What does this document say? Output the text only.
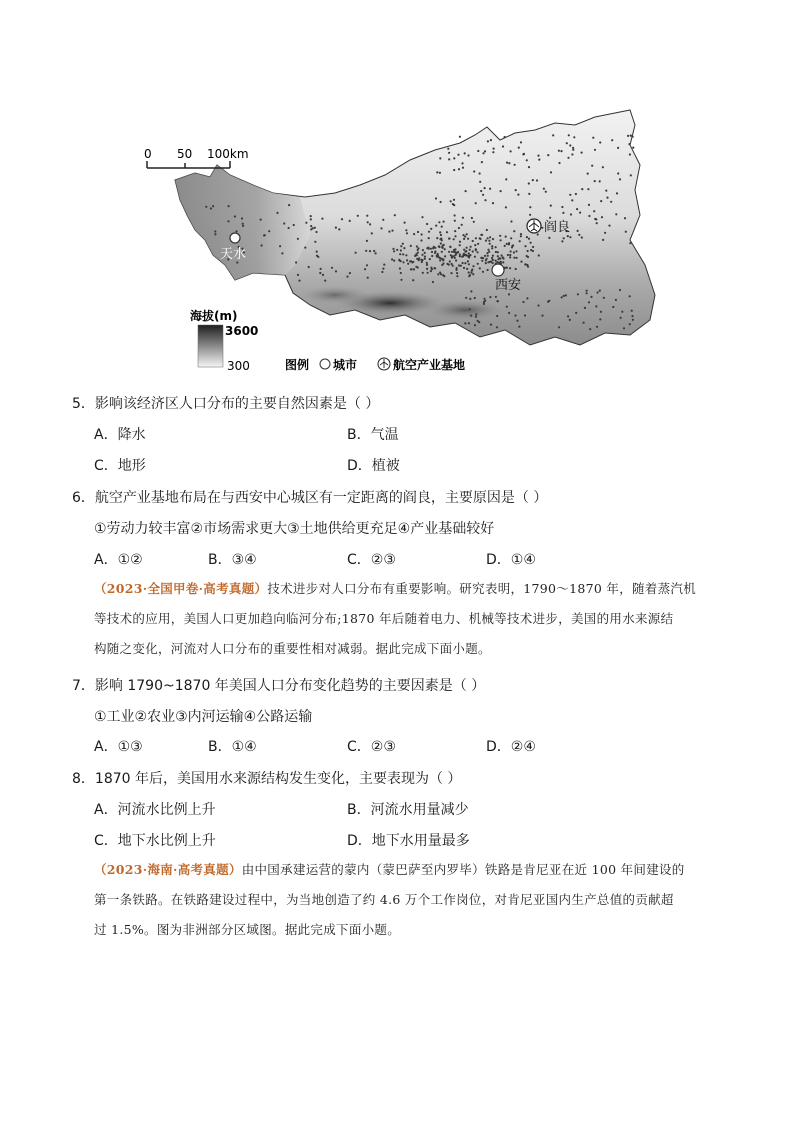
0 50 100km
天水
西安
阎良
海拔(m)
3600
300	图例 城市	航空产业基地
5．影响该经济区人口分布的主要自然因素是（ ）
A．降水	B．气温
C．地形	D．植被
6．航空产业基地布局在与西安中心城区有一定距离的阎良，主要原因是（ ）
①劳动力较丰富②市场需求更大③土地供给更充足④产业基础较好
A．①②	B．③④	C．②③	D．①④
（2023·全国甲卷·高考真题）技术进步对人口分布有重要影响。研究表明，1790～1870 年，随着蒸汽机
等技术的应用，美国人口更加趋向临河分布;1870 年后随着电力、机械等技术进步，美国的用水来源结
构随之变化，河流对人口分布的重要性相对减弱。据此完成下面小题。
7．影响 1790~1870 年美国人口分布变化趋势的主要因素是（ ）
①工业②农业③内河运输④公路运输
A．①③	B．①④	C．②③	D．②④
8．1870 年后，美国用水来源结构发生变化，主要表现为（ ）
A．河流水比例上升	B．河流水用量减少
C．地下水比例上升	D．地下水用量最多
（2023·海南·高考真题）由中国承建运营的蒙内（蒙巴萨至内罗毕）铁路是肯尼亚在近 100 年间建设的
第一条铁路。在铁路建设过程中，为当地创造了约 4.6 万个工作岗位，对肯尼亚国内生产总值的贡献超
过 1.5%。图为非洲部分区域图。据此完成下面小题。
